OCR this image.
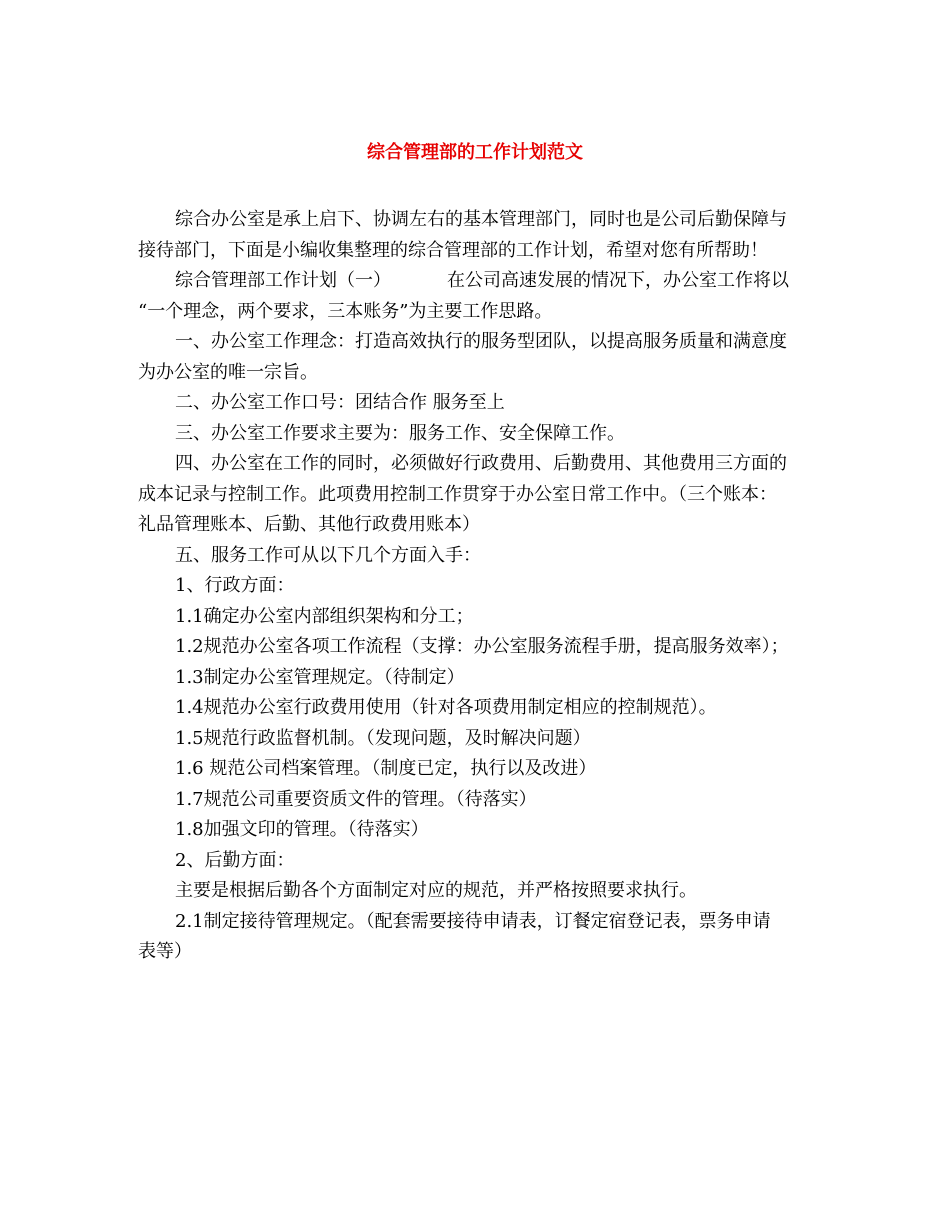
综合管理部的工作计划范文

综合办公室是承上启下、协调左右的基本管理部门，同时也是公司后勤保障与

接待部门，下面是小编收集整理的综合管理部的工作计划，希望对您有所帮助！

综合管理部工作计划（一）	在公司高速发展的情况下，办公室工作将以

“一个理念，两个要求，三本账务”为主要工作思路。

一、办公室工作理念：打造高效执行的服务型团队，以提高服务质量和满意度

为办公室的唯一宗旨。

二、办公室工作口号：团结合作 服务至上

三、办公室工作要求主要为：服务工作、安全保障工作。

四、办公室在工作的同时，必须做好行政费用、后勤费用、其他费用三方面的

成本记录与控制工作。此项费用控制工作贯穿于办公室日常工作中。（三个账本：

礼品管理账本、后勤、其他行政费用账本）

五、服务工作可从以下几个方面入手：

1、行政方面：

1.1确定办公室内部组织架构和分工；

1.2规范办公室各项工作流程（支撑：办公室服务流程手册，提高服务效率）；

1.3制定办公室管理规定。（待制定）

1.4规范办公室行政费用使用（针对各项费用制定相应的控制规范）。

1.5规范行政监督机制。（发现问题，及时解决问题）

1.6 规范公司档案管理。（制度已定，执行以及改进）

1.7规范公司重要资质文件的管理。（待落实）

1.8加强文印的管理。（待落实）

2、后勤方面：

主要是根据后勤各个方面制定对应的规范，并严格按照要求执行。

2.1制定接待管理规定。（配套需要接待申请表，订餐定宿登记表，票务申请

表等）
